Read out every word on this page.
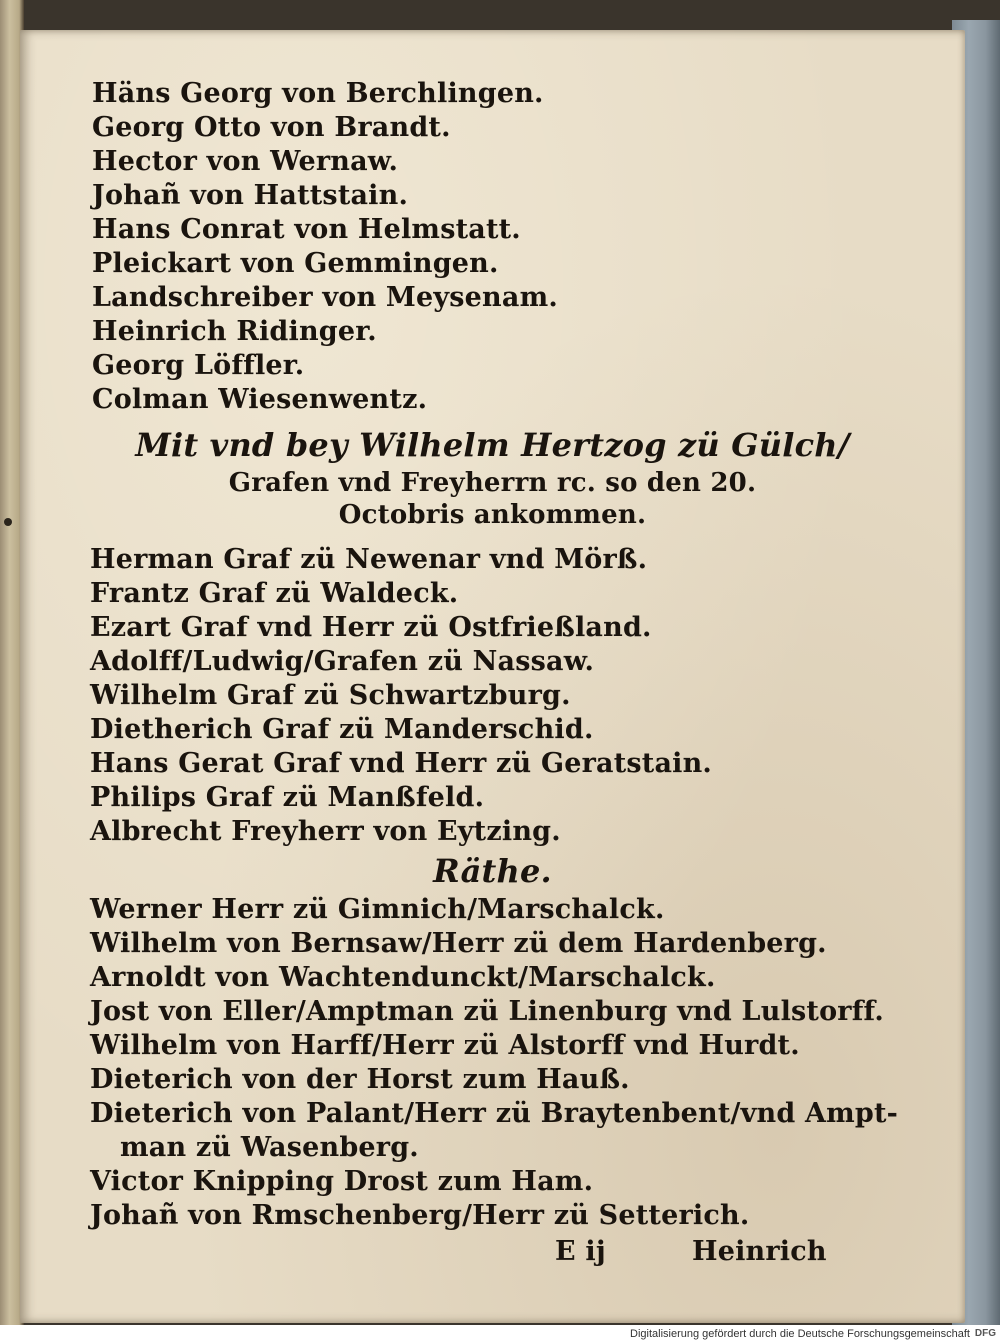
Häns Georg von Berchlingen.
Georg Otto von Brandt.
Hector von Wernaw.
Johañ von Hattstain.
Hans Conrat von Helmstatt.
Pleickart von Gemmingen.
Landschreiber von Meysenam.
Heinrich Ridinger.
Georg Löffler.
Colman Wiesenwentz.
Mit vnd bey Wilhelm Hertzog zü Gülch/
Grafen vnd Freyherrn rc. so den 20.
Octobris ankommen.
Herman Graf zü Newenar vnd Mörß.
Frantz Graf zü Waldeck.
Ezart Graf vnd Herr zü Ostfrießland.
Adolff/Ludwig/Grafen zü Nassaw.
Wilhelm Graf zü Schwartzburg.
Dietherich Graf zü Manderschid.
Hans Gerat Graf vnd Herr zü Geratstain.
Philips Graf zü Manßfeld.
Albrecht Freyherr von Eytzing.
Räthe.
Werner Herr zü Gimnich/Marschalck.
Wilhelm von Bernsaw/Herr zü dem Hardenberg.
Arnoldt von Wachtendunckt/Marschalck.
Jost von Eller/Amptman zü Linenburg vnd Lulstorff.
Wilhelm von Harff/Herr zü Alstorff vnd Hurdt.
Dieterich von der Horst zum Hauß.
Dieterich von Palant/Herr zü Braytenbent/vnd Ampt-
man zü Wasenberg.
Victor Knipping Drost zum Ham.
Johañ von Rmschenberg/Herr zü Setterich.
E ij	Heinrich
Digitalisierung gefördert durch die Deutsche Forschungsgemeinschaft DFG
